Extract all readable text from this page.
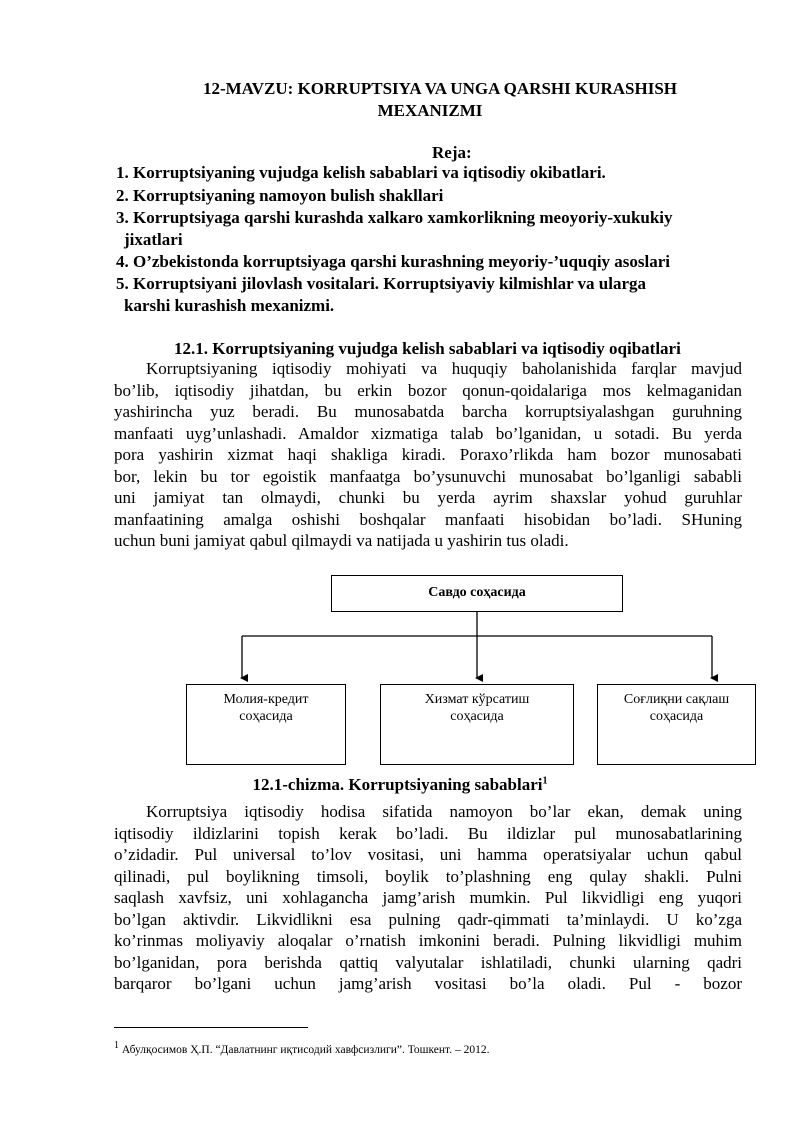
12-MAVZU: KORRUPTSIYA VA UNGA QARSHI KURASHISH
MEXANIZMI
Reja:
1. Korruptsiyaning vujudga kelish sabablari va iqtisodiy okibatlari.
2. Korruptsiyaning namoyon bulish shakllari
3. Korruptsiyaga qarshi kurashda xalkaro xamkorlikning meoyoriy-xukukiy
jixatlari
4. O’zbekistonda korruptsiyaga qarshi kurashning meyoriy-’uquqiy asoslari
5. Korruptsiyani jilovlash vositalari. Korruptsiyaviy kilmishlar va ularga
karshi kurashish mexanizmi.
12.1. Korruptsiyaning vujudga kelish sabablari va iqtisodiy oqibatlari
Korruptsiyaning iqtisodiy mohiyati va huquqiy baholanishida farqlar mavjud
bo’lib, iqtisodiy jihatdan, bu erkin bozor qonun-qoidalariga mos kelmaganidan
yashirincha yuz beradi. Bu munosabatda barcha korruptsiyalashgan guruhning
manfaati uyg’unlashadi. Amaldor xizmatiga talab bo’lganidan, u sotadi. Bu yerda
pora yashirin xizmat haqi shakliga kiradi. Poraxo’rlikda ham bozor munosabati
bor, lekin bu tor egoistik manfaatga bo’ysunuvchi munosabat bo’lganligi sababli
uni jamiyat tan olmaydi, chunki bu yerda ayrim shaxslar yohud guruhlar
manfaatining amalga oshishi boshqalar manfaati hisobidan bo’ladi. SHuning
uchun buni jamiyat qabul qilmaydi va natijada u yashirin tus oladi.
Савдо соҳасида
Молия-кредит
соҳасида
Хизмат кўрсатиш
соҳасида
Соғлиқни сақлаш
соҳасида
12.1-chizma. Korruptsiyaning sabablari$^1$
Korruptsiya iqtisodiy hodisa sifatida namoyon bo’lar ekan, demak uning
iqtisodiy ildizlarini topish kerak bo’ladi. Bu ildizlar pul munosabatlarining
o’zidadir. Pul universal to’lov vositasi, uni hamma operatsiyalar uchun qabul
qilinadi, pul boylikning timsoli, boylik to’plashning eng qulay shakli. Pulni
saqlash xavfsiz, uni xohlagancha jamg’arish mumkin. Pul likvidligi eng yuqori
bo’lgan aktivdir. Likvidlikni esa pulning qadr-qimmati ta’minlaydi. U ko’zga
ko’rinmas moliyaviy aloqalar o’rnatish imkonini beradi. Pulning likvidligi muhim
bo’lganidan, pora berishda qattiq valyutalar ishlatiladi, chunki ularning qadri
barqaror bo’lgani uchun jamg’arish vositasi bo’la oladi. Pul - bozor
$^1$ Абулқосимов Ҳ.П. “Давлатнинг иқтисодий хавфсизлиги”. Тошкент. – 2012.
